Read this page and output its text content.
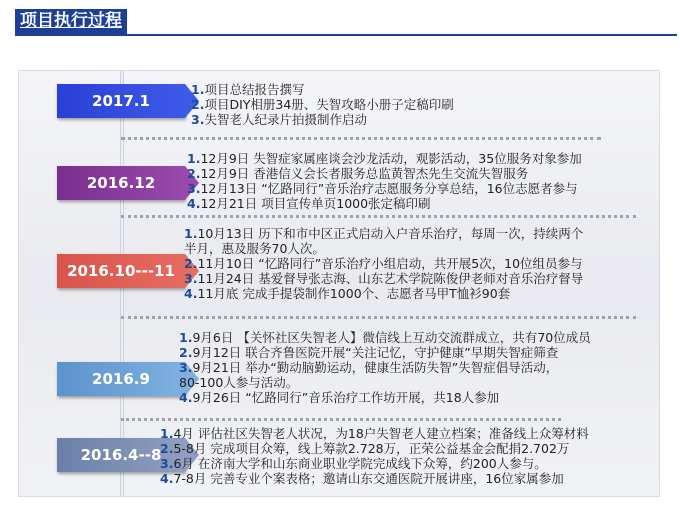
项目执行过程
2017.1
2016.12
2016.10---11
2016.9
2016.4--8
1.项目总结报告撰写
2.项目DIY相册34册、失智攻略小册子定稿印刷
3.失智老人纪录片拍摄制作启动
1.12月9日 失智症家属座谈会沙龙活动，观影活动，35位服务对象参加
2.12月9日 香港信义会长者服务总监黄智杰先生交流失智服务
3.12月13日 “忆路同行”音乐治疗志愿服务分享总结，16位志愿者参与
4.12月21日 项目宣传单页1000张定稿印刷
1.10月13日 历下和市中区正式启动入户音乐治疗，每周一次，持续两个
半月，惠及服务70人次。
2.11月10日 “忆路同行”音乐治疗小组启动，共开展5次，10位组员参与
3.11月24日 基爱督导张志海、山东艺术学院陈俊伊老师对音乐治疗督导
4.11月底 完成手提袋制作1000个、志愿者马甲T恤衫90套
1.9月6日 【关怀社区失智老人】微信线上互动交流群成立，共有70位成员
2.9月12日 联合齐鲁医院开展“关注记忆，守护健康”早期失智症筛查
3.9月21日 举办“勤动脑勤运动，健康生活防失智”失智症倡导活动，
80-100人参与活动。
4.9月26日 “忆路同行”音乐治疗工作坊开展，共18人参加
1.4月 评估社区失智老人状况，为18户失智老人建立档案；准备线上众筹材料
2.5-8月 完成项目众筹，线上筹款2.728万，正荣公益基金会配捐2.702万
3.6月 在济南大学和山东商业职业学院完成线下众筹，约200人参与。
4.7-8月 完善专业个案表格；邀请山东交通医院开展讲座，16位家属参加
